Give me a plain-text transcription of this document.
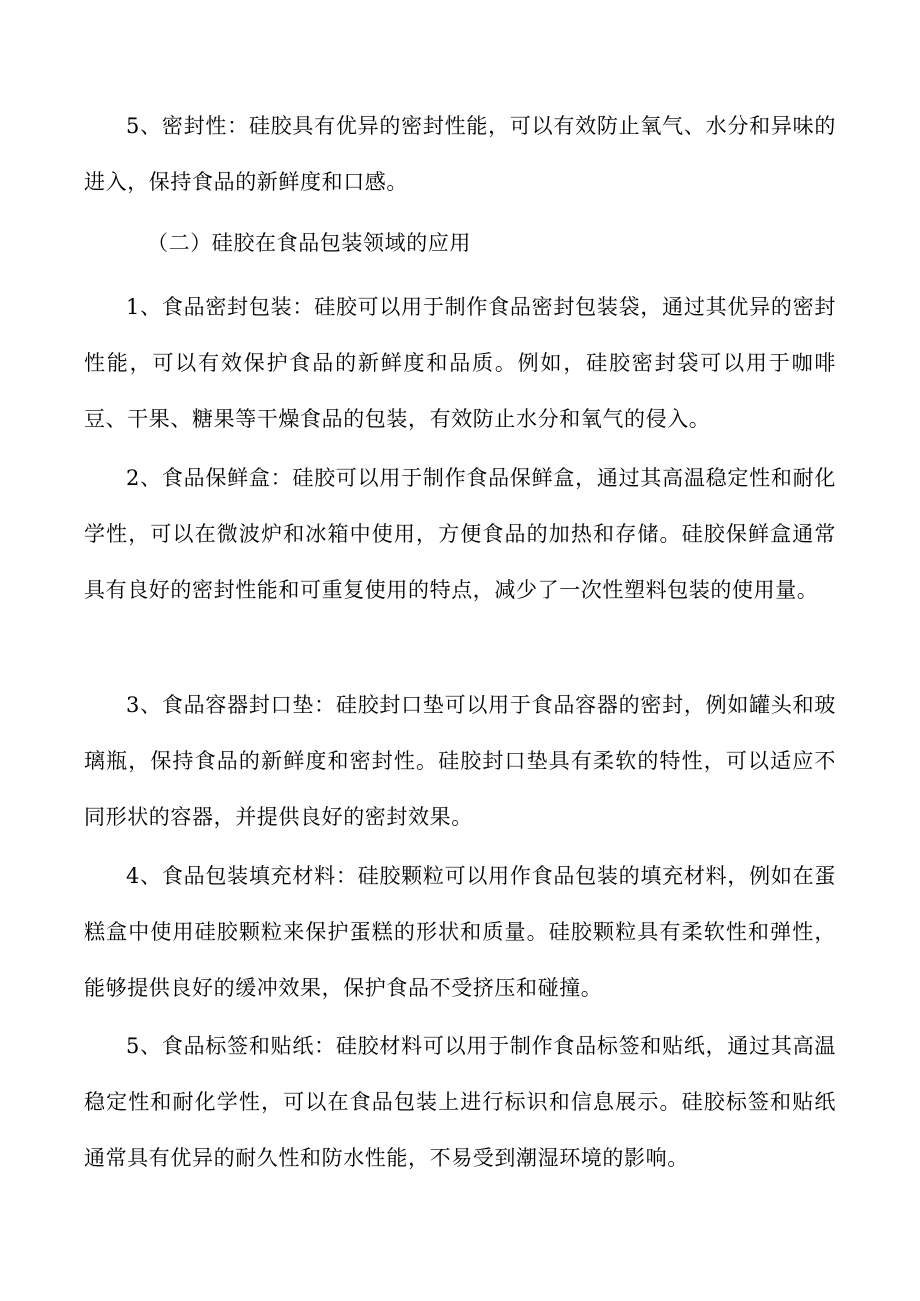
5、密封性：硅胶具有优异的密封性能，可以有效防止氧气、水分和异味的进入，保持食品的新鲜度和口感。

（二）硅胶在食品包装领域的应用

1、食品密封包装：硅胶可以用于制作食品密封包装袋，通过其优异的密封性能，可以有效保护食品的新鲜度和品质。例如，硅胶密封袋可以用于咖啡豆、干果、糖果等干燥食品的包装，有效防止水分和氧气的侵入。

2、食品保鲜盒：硅胶可以用于制作食品保鲜盒，通过其高温稳定性和耐化学性，可以在微波炉和冰箱中使用，方便食品的加热和存储。硅胶保鲜盒通常具有良好的密封性能和可重复使用的特点，减少了一次性塑料包装的使用量。

3、食品容器封口垫：硅胶封口垫可以用于食品容器的密封，例如罐头和玻璃瓶，保持食品的新鲜度和密封性。硅胶封口垫具有柔软的特性，可以适应不同形状的容器，并提供良好的密封效果。

4、食品包装填充材料：硅胶颗粒可以用作食品包装的填充材料，例如在蛋糕盒中使用硅胶颗粒来保护蛋糕的形状和质量。硅胶颗粒具有柔软性和弹性，能够提供良好的缓冲效果，保护食品不受挤压和碰撞。

5、食品标签和贴纸：硅胶材料可以用于制作食品标签和贴纸，通过其高温稳定性和耐化学性，可以在食品包装上进行标识和信息展示。硅胶标签和贴纸通常具有优异的耐久性和防水性能，不易受到潮湿环境的影响。
